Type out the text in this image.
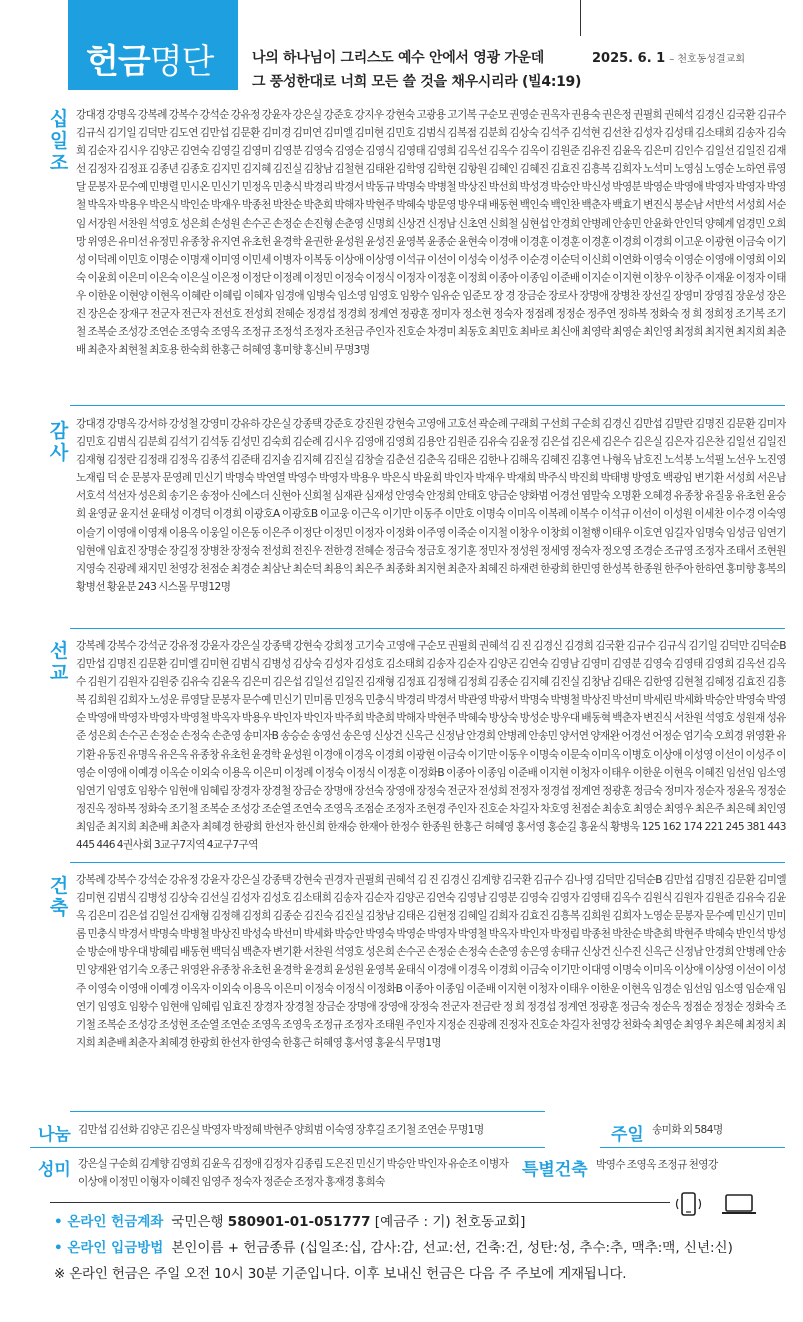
헌금명단	나의 하나님이 그리스도 예수 안에서 영광 가운데
그 풍성한대로 너희 모든 쓸 것을 채우시리라 (빌4:19)
2025. 6. 1 – 천호동성결교회
십
일
조
강대경 강명옥 강복례 강복수 강석순 강유정 강윤자 강은실 강준호 강지우 강현숙 고광용 고기복 구순모 권영순 권옥자 권용숙 권은정 권필희 권혜석 김경신 김국환 김규수 김규식 김기일 김덕만 김도연 김만섭 김문환 김미경 김미연 김미엘 김미현 김민호 김범식 김복점 김분희 김상숙 김석주 김석현 김선찬 김성자 김성태 김소태희 김송자 김숙희 김순자 김시우 김양곤 김연숙 김영길 김영미 김영분 김영숙 김영순 김영식 김영태 김영희 김옥선 김옥수 김옥이 김원준 김유진 김윤옥 김은미 김인수 김일선 김일진 김재선 김정자 김정표 김종년 김종호 김지민 김지혜 김진실 김창남 김철현 김태완 김학영 김학현 김항원 김혜인 김혜진 김효진 김흥복 김희자 노석미 노영심 노영순 노하연 류영달 문봉자 문수예 민병렬 민시온 민신기 민정옥 민충식 박경리 박경서 박동규 박명숙 박병철 박상진 박선희 박성경 박승안 박신성 박영분 박영순 박영애 박영자 박영자 박영철 박옥자 박용우 박은식 박인순 박재우 박종천 박찬순 박춘희 박해자 박현주 박혜숙 방문영 방우대 배동현 백인숙 백인찬 백춘자 백효기 변진식 봉순남 서반석 서성희 서순임 서장원 서찬원 석영호 성은희 손성원 손수곤 손정순 손진형 손춘영 신명희 신상건 신정남 신초연 신희철 심현섭 안경희 안병례 안송민 안윤화 안인덕 양혜계 엄경민 오희망 위영은 유미선 유정민 유종창 유지연 유초헌 윤경학 윤권한 윤성원 윤성진 윤영복 윤종순 윤현숙 이경애 이경훈 이경훈 이경훈 이경희 이경희 이고운 이광현 이금숙 이기성 이덕례 이민호 이명순 이명재 이미영 이민세 이병자 이복동 이상애 이상영 이석규 이선이 이성숙 이성주 이순경 이순덕 이신희 이연화 이영숙 이영순 이영애 이영희 이외숙 이윤희 이은미 이은숙 이은실 이은정 이정단 이정례 이정민 이정숙 이정식 이정자 이정훈 이정희 이종아 이종임 이준배 이지순 이지현 이창우 이창주 이재윤 이정자 이태우 이한운 이현양 이현옥 이혜란 이혜림 이혜자 임경애 임병숙 임소영 임영호 임왕수 임유순 임준모 장 경 장금순 장로사 장명애 장병찬 장선길 장영미 장영집 장운성 장은진 장은순 장재구 전군자 전근자 전선호 전성희 전혜순 정경섭 정경희 정계연 정광훈 정미자 정소현 정숙자 정점례 정정순 정주연 정하복 정화숙 정 희 정희정 조기복 조기철 조복순 조성강 조연순 조영숙 조영옥 조정규 조정석 조정자 조천금 주인자 진호순 차경미 최동호 최민호 최바로 최신애 최영락 최영순 최인영 최정희 최지현 최지희 최춘배 최춘자 최현철 최호용 한숙희 한홍근 허혜영 홍미향 홍신비 무명3명
감
사
강대경 강명옥 강서하 강성철 강영미 강유하 강은실 강종택 강준호 강진원 강현숙 고영애 고호선 곽순례 구래희 구선희 구순희 김경신 김만섭 김말란 김명진 김문환 김미자 김민호 김범식 김분희 김석기 김석동 김성민 김숙희 김순례 김시우 김영애 김영희 김용안 김원준 김유숙 김윤정 김은섭 김은세 김은수 김은실 김은자 김은찬 김일선 김일진 김재형 김정란 김정래 김정옥 김종석 김준태 김지솔 김지혜 김진실 김창술 김춘선 김춘옥 김태은 김한나 김해옥 김혜진 김홍연 나형옥 남호진 노석봉 노석필 노선우 노진영 노재림 덕 순 문봉자 문영례 민신기 박명숙 박연열 박영수 박영자 박용우 박은식 박윤희 박인자 박재우 박재희 박주식 박진희 박태병 방영호 백광임 변기환 서성희 서은남 서호석 석선자 성은희 송기은 송정아 신에스더 신현아 신희철 심재관 심재성 안영숙 안정희 안태호 양금순 양화범 어경선 염말숙 오명환 오혜경 유종창 유질웅 유초헌 윤승희 윤영균 윤지선 윤태성 이경덕 이경희 이광호A 이광호B 이교웅 이근옥 이기만 이동주 이만호 이명숙 이미옥 이복례 이복수 이석규 이선이 이성원 이세찬 이수경 이숙영 이슬기 이영애 이영재 이용옥 이웅일 이은동 이은주 이정단 이정민 이정자 이정화 이주영 이죽순 이지철 이창우 이창희 이철행 이태우 이호연 임길자 임명숙 임성금 임연기 임현애 임효진 장명순 장길정 장병찬 장정숙 전성희 전진우 전한경 전혜순 정금숙 정금호 정기훈 정민자 정성원 정세영 정숙자 정오영 조경순 조규영 조정자 조태서 조현원 지영숙 진광례 채지민 천영강 천점순 최경순 최삼난 최순덕 최용익 최은주 최종화 최지현 최춘자 최혜진 하재련 한광희 한민영 한성복 한종원 한주아 한하연 홍미향 홍복의 황병선 황윤분 243 시스몰 무명12명
선
교
강복례 강복수 강석군 강유정 강윤자 강은실 강종택 강현숙 강희정 고기숙 고영애 구순모 권필희 권혜석 김 진 김경신 김경희 김국환 김규수 김규식 김기일 김덕만 김덕순B 김만섭 김명진 김문환 김미엘 김미현 김범식 김병성 김상숙 김성자 김성호 김소태희 김송자 김순자 김양곤 김연숙 김영남 김영미 김영분 김영숙 김영태 김영희 김옥선 김옥수 김원기 김원자 김원중 김유숙 김윤옥 김은미 김은섭 김일선 김일진 김재형 김정표 김정해 김정희 김종순 김지혜 김진실 김창남 김태은 김한영 김현철 김혜정 김효진 김흥복 김희원 김희자 노성운 류영달 문봉자 문수예 민신기 민미롬 민정옥 민충식 박경리 박경서 박관영 박광서 박명숙 박병철 박상진 박선미 박세린 박세화 박승안 박영숙 박영순 박영애 박영자 박영자 박영철 박옥자 박용우 박인자 박인자 박주희 박춘희 박해자 박현주 박혜숙 방상숙 방성순 방우대 배동혁 백춘자 변진식 서찬원 석영호 성원재 성유준 성은희 손수곤 손정순 손정숙 손춘영 송미자B 송승순 송영선 송은영 신상건 신옥근 신정남 안경희 안병례 안송민 양서연 양재완 어경선 어정순 엄기숙 오희경 위영환 유기환 유동진 유명옥 유은옥 유종창 유초헌 윤경학 윤성원 이경애 이경옥 이경희 이광현 이금숙 이기만 이동우 이명숙 이문숙 이미옥 이병호 이상애 이성영 이선이 이성주 이영순 이영애 이예경 이옥순 이외숙 이용옥 이은미 이정례 이정숙 이정식 이정훈 이정화B 이종아 이종임 이준배 이지현 이청자 이태우 이한운 이현옥 이혜진 임선임 임소영 임연기 임영호 임왕수 임현애 임혜림 장경자 장경철 장금순 장명애 장선숙 장영애 장정숙 전군자 전성희 전정자 정경섭 정계연 정광훈 정금숙 정미자 정순자 정윤옥 정정순 정진옥 정하복 정화숙 조기철 조복순 조성강 조순열 조연숙 조영옥 조점순 조정자 조현경 주인자 진호순 차길자 차호영 천점순 최송호 최영순 최영우 최은주 최은혜 최인영 최임준 최지희 최춘배 최춘자 최혜경 한광희 한선자 한신희 한재승 한재아 한정수 한종원 한홍근 허혜영 홍서영 홍순길 홍윤식 황병욱 125 162 174 221 245 381 443 445 446 4권사회 3교구7지역 4교구7구역
건
축
강복례 강복수 강석순 강유정 강윤자 강은실 강종택 강현숙 권경자 권필희 권혜석 김 진 김경신 김계향 김국환 김규수 김나영 김덕만 김덕순B 김만섭 김명진 김문환 김미엘 김미현 김범식 김병성 김상숙 김선실 김성자 김성호 김소태희 김송자 김순자 김양곤 김연숙 김영남 김영분 김영숙 김영자 김영태 김옥수 김원식 김원자 김원준 김유숙 김윤옥 김은미 김은섭 김일선 김재형 김정해 김정희 김종순 김진숙 김진실 김창남 김태은 김현정 김혜일 김희자 김효진 김흥복 김희원 김희자 노영순 문봉자 문수예 민신기 민미롬 민충식 박경서 박명숙 박병철 박상진 박성숙 박선미 박세화 박승안 박영숙 박영순 박영자 박영철 박옥자 박인자 박정림 박종천 박찬순 박춘희 박현주 박혜숙 반인석 방성순 방순애 방우대 방혜림 배동현 백덕심 백춘자 변기환 서찬원 석영호 성은희 손수곤 손정순 손정숙 손춘영 송은영 송태규 신상건 신수진 신옥근 신정남 안경희 안병례 안송민 양재완 엄기숙 오종근 위영완 유종창 유초헌 윤경학 윤경희 윤성원 윤영복 윤태식 이경애 이경옥 이경희 이금숙 이기만 이대영 이명숙 이미옥 이상애 이상영 이선이 이성주 이영숙 이영애 이예경 이옥자 이외숙 이용옥 이은미 이정숙 이정식 이정화B 이종아 이종임 이준배 이지현 이청자 이태우 이한운 이현옥 임경순 임선임 임소영 임순재 임연기 임영호 임왕수 임현애 임혜림 임효진 장경자 장경철 장금순 장명애 장영애 장정숙 전군자 전금란 정 희 정경섭 정계연 정광훈 정금숙 정순옥 정점순 정정순 정화숙 조기철 조복순 조성강 조성현 조순열 조연순 조영옥 조영욱 조정규 조정자 조태원 주인자 지정순 진광례 진정자 진호순 차길자 천영강 천화숙 최영순 최영우 최은혜 최정치 최지희 최춘배 최춘자 최혜경 한광희 한선자 한영숙 한홍근 허혜영 홍서영 홍윤식 무명1명
나눔 김만섭 김선화 김양곤 김은실 박영자 박정혜 박현주 양희범 이숙영 장후길 조기철 조연순 무명1명	주일 송미화 외 584명
성미 강은실 구순희 김계향 김영희 김윤옥 김정애 김정자 김종림 도은진 민신기 박승안 박인자 유순조 이병자 이상애 이정민 이형자 이혜진 임영주 정숙자 정준순 조정자 홍재경 홍희숙
특별건축 박영수 조영옥 조정규 천영강
• 온라인 헌금계좌 국민은행 580901-01-051777 [예금주 : 기) 천호동교회]
• 온라인 입금방법 본인이름 + 헌금종류 (십일조:십, 감사:감, 선교:선, 건축:건, 성탄:성, 추수:추, 맥추:맥, 신년:신)
※ 온라인 헌금은 주일 오전 10시 30분 기준입니다. 이후 보내신 헌금은 다음 주 주보에 게재됩니다.
